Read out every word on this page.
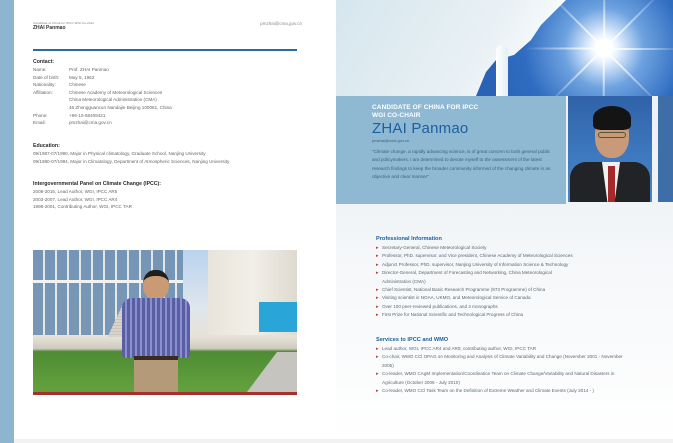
Candidate of China for IPCC WGI Co-chair
ZHAI Panmao
pmzhai@cma.gov.cn
Contact:
Name:	Prof. ZHAI Panmao
Date of birth:	May 5, 1962
Nationality:	Chinese
Affiliation:	Chinese Academy of Meteorological Sciences
China Meteorological Administration (CMA)
46 Zhongguancun Nandajie Beijing 100081, China
Phone:	+86-10-68409421
Email:	pmzhai@cma.gov.cn
Education:
09/1987-07/1990, Major in Physical climatology, Graduate School, Nanjing University
09/1980-07/1984, Major in Climatology, Department of Atmospheric Sciences, Nanjing University
Intergovernmental Panel on Climate Change (IPCC):
2008-2015, Lead Author, WGI, IPCC AR5
2003-2007, Lead Author, WGI, IPCC AR4
1998-2001, Contributing Author, WGI, IPCC TAR
CANDIDATE OF CHINA FOR IPCC
WGI CO-CHAIR
ZHAI Panmao
pmzhai@cma.gov.cn
"Climate change, a rapidly advancing science, is of great concern to both general public and policymakers. I am determined to devote myself to the assessment of the latest research findings to keep the broader community informed of the changing climate in an objective and clear manner"
Professional Information
▸ Secretary-General, Chinese Meteorological Society
▸ Professor, PhD. supervisor, and Vice president, Chinese Academy of Meteorological Sciences
▸ Adjunct Professor, PhD. supervisor, Nanjing University of Information Science & Technology
▸ Director-General, Department of Forecasting and Networking, China Meteorological Administration (CMA)
▸ Chief Scientist, National Basic Research Programme (973 Programme) of China
▸ Visiting scientist in NOAA, UKMO, and Meteorological Service of Canada
▸ Over 100 peer-reviewed publications, and 3 monographs
▸ First Prize for National Scientific and Technological Progress of China
Services to IPCC and WMO
▸ Lead author, WGI, IPCC AR4 and AR5; contributing author, WGI, IPCC TAR
▸ Co-chair, WMO CCl OPAG on Monitoring and Analysis of Climate Variability and Change (November 2001 - November 2005)
▸ Co-leader, WMO CAgM Implementation/Coordination Team on Climate Change/Variability and Natural Disasters in Agriculture (October 2006 - July 2010)
▸ Co-leader, WMO CCl Task Team on the Definition of Extreme Weather and Climate Events (July 2014 - )
